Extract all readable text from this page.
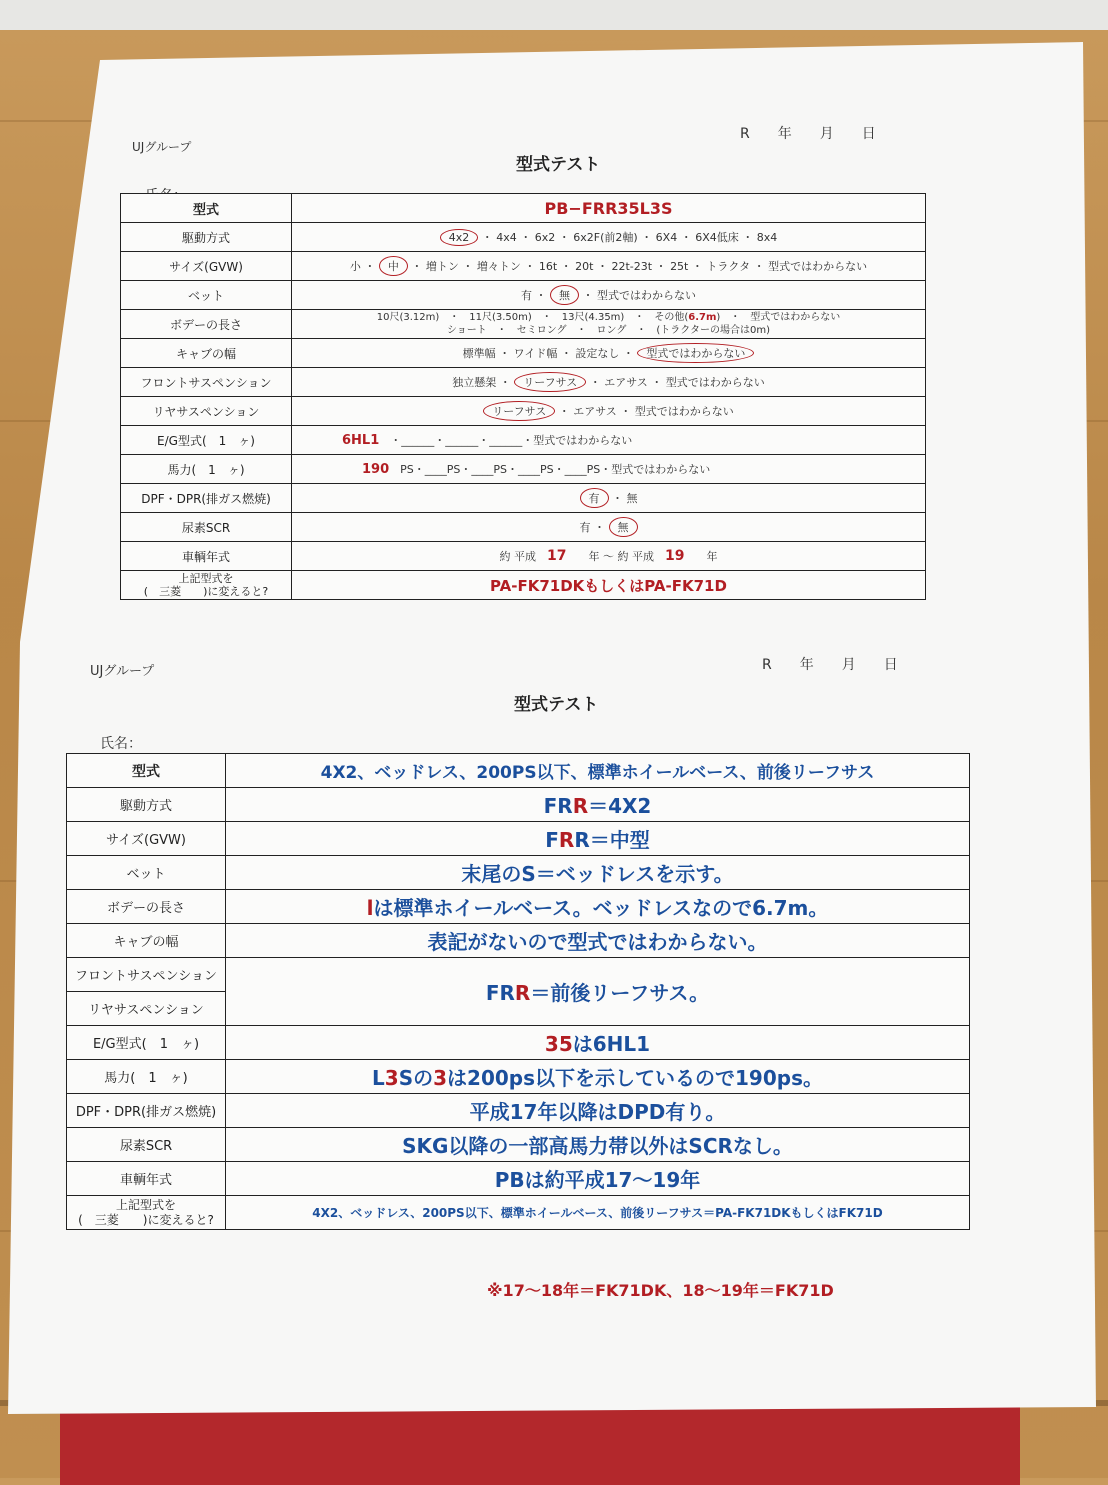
UJグループ
R　　年　　月　　日
型式テスト
型式	PB−FRR35L3S
駆動方式	4x2 ・ 4x4 ・ 6x2 ・ 6x2F(前2軸) ・ 6X4 ・ 6X4低床 ・ 8x4
サイズ(GVW)	小 ・ 中 ・ 増トン ・ 増々トン ・ 16t ・ 20t ・ 22t-23t ・ 25t ・ トラクタ ・ 型式ではわからない
ベット	有 ・ 無 ・ 型式ではわからない
ボデーの長さ	10尺(3.12m)　・　11尺(3.50m)　・　13尺(4.35m)　・　その他(6.7m)　・　型式ではわからない
ショート　・　セミロング　・　ロング　・　(トラクターの場合は0m)
キャブの幅	標準幅 ・ ワイド幅 ・ 設定なし ・ 型式ではわからない
フロントサスペンション	独立懸架 ・ リーフサス ・ エアサス ・ 型式ではわからない
リヤサスペンション	リーフサス ・ エアサス ・ 型式ではわからない
E/G型式(　1　ヶ)	6HL1　 ・______・______・______・型式ではわからない
馬力(　1　ヶ)	190　 PS・____PS・____PS・____PS・____PS・型式ではわからない
DPF・DPR(排ガス燃焼)	有 ・ 無
尿素SCR	有 ・ 無
車輌年式	約 平成　 17　　 年 〜 約 平成　 19　　 年
上記型式を
(　三菱　　)に変えると?	PA-FK71DKもしくはPA-FK71D
UJグループ	R　　年　　月　　日
型式テスト
氏名：
型式	4X2、ベッドレス、200PS以下、標準ホイールベース、前後リーフサス
駆動方式	FRR＝4X2
サイズ(GVW)	FRR＝中型
ベット	末尾のS＝ベッドレスを示す。
ボデーの長さ	lは標準ホイールベース。ベッドレスなので6.7m。
キャブの幅	表記がないので型式ではわからない。
フロントサスペンション	FRR＝前後リーフサス。
リヤサスペンション	
E/G型式(　1　ヶ)	35は6HL1
馬力(　1　ヶ)	L3Sの3は200ps以下を示しているので190ps。
DPF・DPR(排ガス燃焼)	平成17年以降はDPD有り。
尿素SCR	SKG以降の一部高馬力帯以外はSCRなし。
車輌年式	PBは約平成17〜19年
上記型式を
(　三菱　　)に変えると?	4X2、ベッドレス、200PS以下、標準ホイールベース、前後リーフサス＝PA-FK71DKもしくはFK71D
※17〜18年＝FK71DK、18〜19年＝FK71D
